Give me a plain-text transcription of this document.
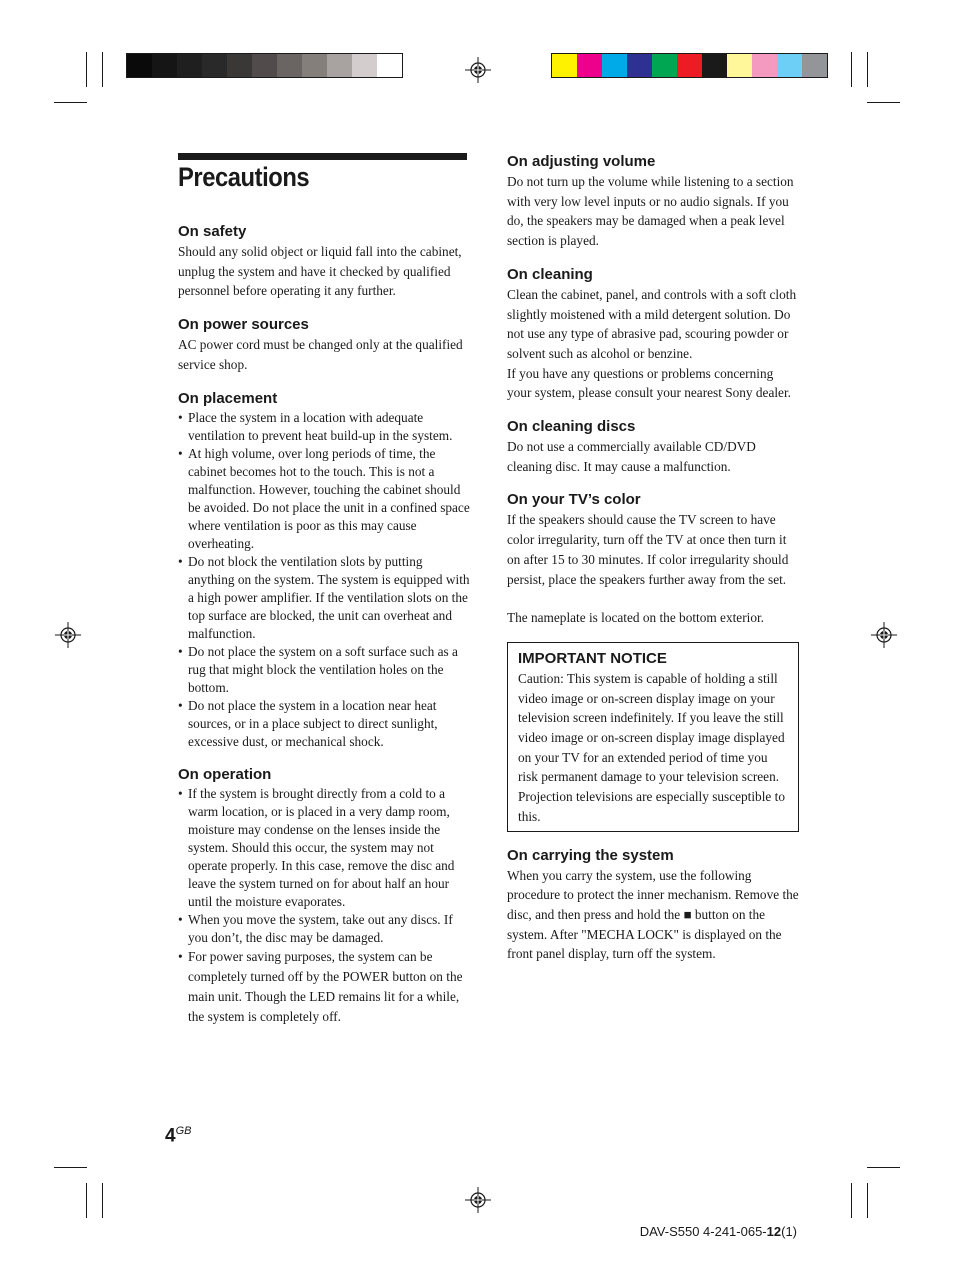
Precautions
On safety

Should any solid object or liquid fall into the cabinet, unplug the system and have it checked by qualified personnel before operating it any further.

On power sources

AC power cord must be changed only at the qualified service shop.

On placement
• Place the system in a location with adequate ventilation to prevent heat build-up in the system.
• At high volume, over long periods of time, the cabinet becomes hot to the touch. This is not a malfunction. However, touching the cabinet should be avoided. Do not place the unit in a confined space where ventilation is poor as this may cause overheating.
• Do not block the ventilation slots by putting anything on the system. The system is equipped with a high power amplifier. If the ventilation slots on the top surface are blocked, the unit can overheat and malfunction.
• Do not place the system on a soft surface such as a rug that might block the ventilation holes on the bottom.
• Do not place the system in a location near heat sources, or in a place subject to direct sunlight, excessive dust, or mechanical shock.
On operation
• If the system is brought directly from a cold to a warm location, or is placed in a very damp room, moisture may condense on the lenses inside the system. Should this occur, the system may not operate properly. In this case, remove the disc and leave the system turned on for about half an hour until the moisture evaporates.
• When you move the system, take out any discs. If you don’t, the disc may be damaged.
• For power saving purposes, the system can be completely turned off by the POWER button on the main unit. Though the LED remains lit for a while, the system is completely off.
On adjusting volume

Do not turn up the volume while listening to a section with very low level inputs or no audio signals. If you do, the speakers may be damaged when a peak level section is played.

On cleaning

Clean the cabinet, panel, and controls with a soft cloth slightly moistened with a mild detergent solution. Do not use any type of abrasive pad, scouring powder or solvent such as alcohol or benzine.

If you have any questions or problems concerning your system, please consult your nearest Sony dealer.

On cleaning discs

Do not use a commercially available CD/DVD cleaning disc. It may cause a malfunction.

On your TV’s color

If the speakers should cause the TV screen to have color irregularity, turn off the TV at once then turn it on after 15 to 30 minutes. If color irregularity should persist, place the speakers further away from the set.

The nameplate is located on the bottom exterior.

IMPORTANT NOTICE

Caution: This system is capable of holding a still video image or on-screen display image on your television screen indefinitely. If you leave the still video image or on-screen display image displayed on your TV for an extended period of time you risk permanent damage to your television screen. Projection televisions are especially susceptible to this.

On carrying the system

When you carry the system, use the following procedure to protect the inner mechanism. Remove the disc, and then press and hold the ■ button on the system. After "MECHA LOCK" is displayed on the front panel display, turn off the system.

$4^{GB}$
DAV-S550 4-241-065-12(1)
